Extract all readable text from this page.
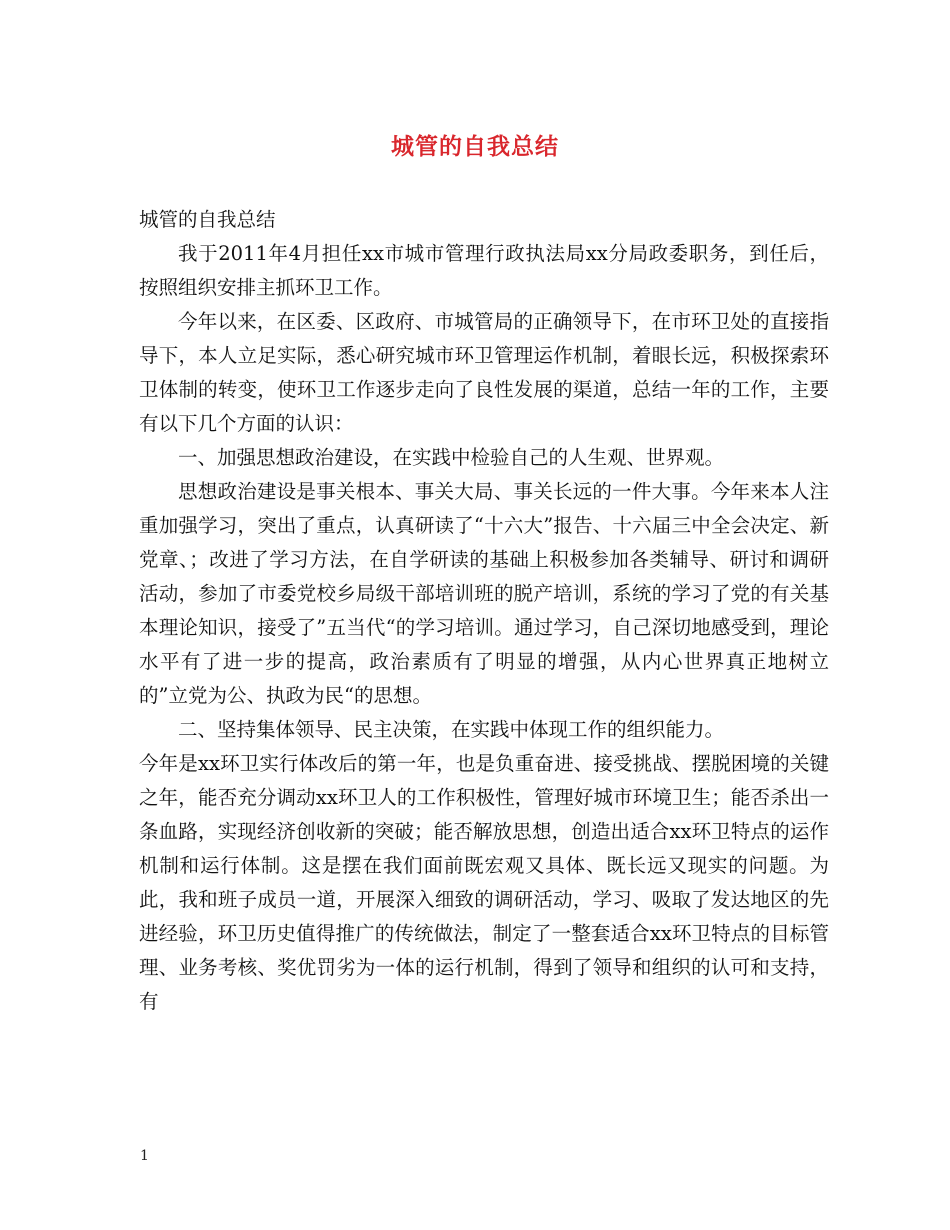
城管的自我总结

城管的自我总结

我于2011年4月担任xx市城市管理行政执法局xx分局政委职务，到任后，按照组织安排主抓环卫工作。

今年以来，在区委、区政府、市城管局的正确领导下，在市环卫处的直接指导下，本人立足实际，悉心研究城市环卫管理运作机制，着眼长远，积极探索环卫体制的转变，使环卫工作逐步走向了良性发展的渠道，总结一年的工作，主要有以下几个方面的认识：

一、加强思想政治建设，在实践中检验自己的人生观、世界观。

思想政治建设是事关根本、事关大局、事关长远的一件大事。今年来本人注重加强学习，突出了重点，认真研读了“十六大”报告、十六届三中全会决定、新党章、；改进了学习方法，在自学研读的基础上积极参加各类辅导、研讨和调研活动，参加了市委党校乡局级干部培训班的脱产培训，系统的学习了党的有关基本理论知识，接受了”五当代“的学习培训。通过学习，自己深切地感受到，理论水平有了进一步的提高，政治素质有了明显的增强，从内心世界真正地树立的”立党为公、执政为民“的思想。

二、坚持集体领导、民主决策，在实践中体现工作的组织能力。

今年是xx环卫实行体改后的第一年，也是负重奋进、接受挑战、摆脱困境的关键之年，能否充分调动xx环卫人的工作积极性，管理好城市环境卫生；能否杀出一条血路，实现经济创收新的突破；能否解放思想，创造出适合xx环卫特点的运作机制和运行体制。这是摆在我们面前既宏观又具体、既长远又现实的问题。为此，我和班子成员一道，开展深入细致的调研活动，学习、吸取了发达地区的先进经验，环卫历史值得推广的传统做法，制定了一整套适合xx环卫特点的目标管理、业务考核、奖优罚劣为一体的运行机制，得到了领导和组织的认可和支持，有

1
